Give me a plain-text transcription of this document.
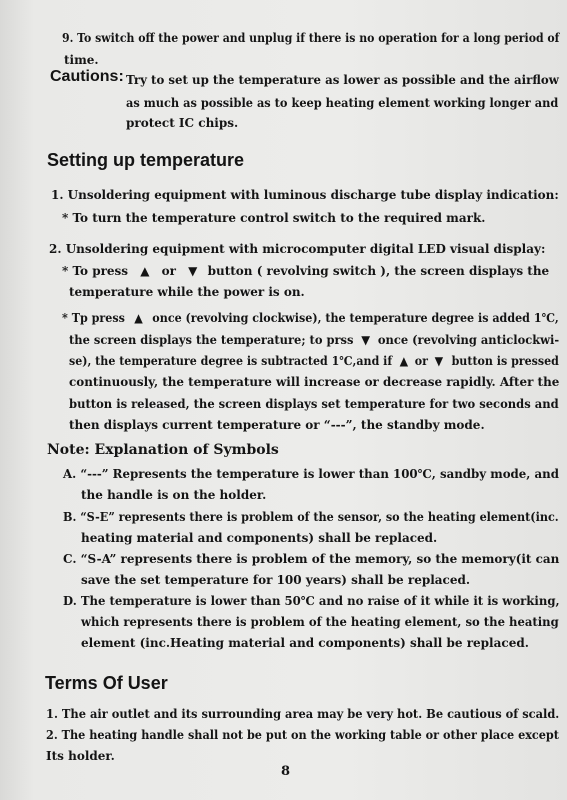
9. To switch off the power and unplug if there is no operation for a long period of
time.
Cautions: Try to set up the temperature as lower as possible and the airflow
as much as possible as to keep heating element working longer and
protect IC chips.
Setting up temperature
1. Unsoldering equipment with luminous discharge tube display indication:
* To turn the temperature control switch to the required mark.
2. Unsoldering equipment with microcomputer digital LED visual display:
* To press ▲ or ▼ button ( revolving switch ), the screen displays the
temperature while the power is on.
* Tp press ▲ once (revolving clockwise), the temperature degree is added 1℃,
the screen displays the temperature; to prss ▼ once (revolving anticlockwi-
se), the temperature degree is subtracted 1℃,and if ▲ or ▼ button is pressed
continuously, the temperature will increase or decrease rapidly. After the
button is released, the screen displays set temperature for two seconds and
then displays current temperature or “---”, the standby mode.
Note: Explanation of Symbols
A. “---” Represents the temperature is lower than 100℃, sandby mode, and
the handle is on the holder.
B. “S-E” represents there is problem of the sensor, so the heating element(inc.
heating material and components) shall be replaced.
C. “S-A” represents there is problem of the memory, so the memory(it can
save the set temperature for 100 years) shall be replaced.
D. The temperature is lower than 50℃ and no raise of it while it is working,
which represents there is problem of the heating element, so the heating
element (inc.Heating material and components) shall be replaced.
Terms Of User
1. The air outlet and its surrounding area may be very hot. Be cautious of scald.
2. The heating handle shall not be put on the working table or other place except
Its holder.
8
